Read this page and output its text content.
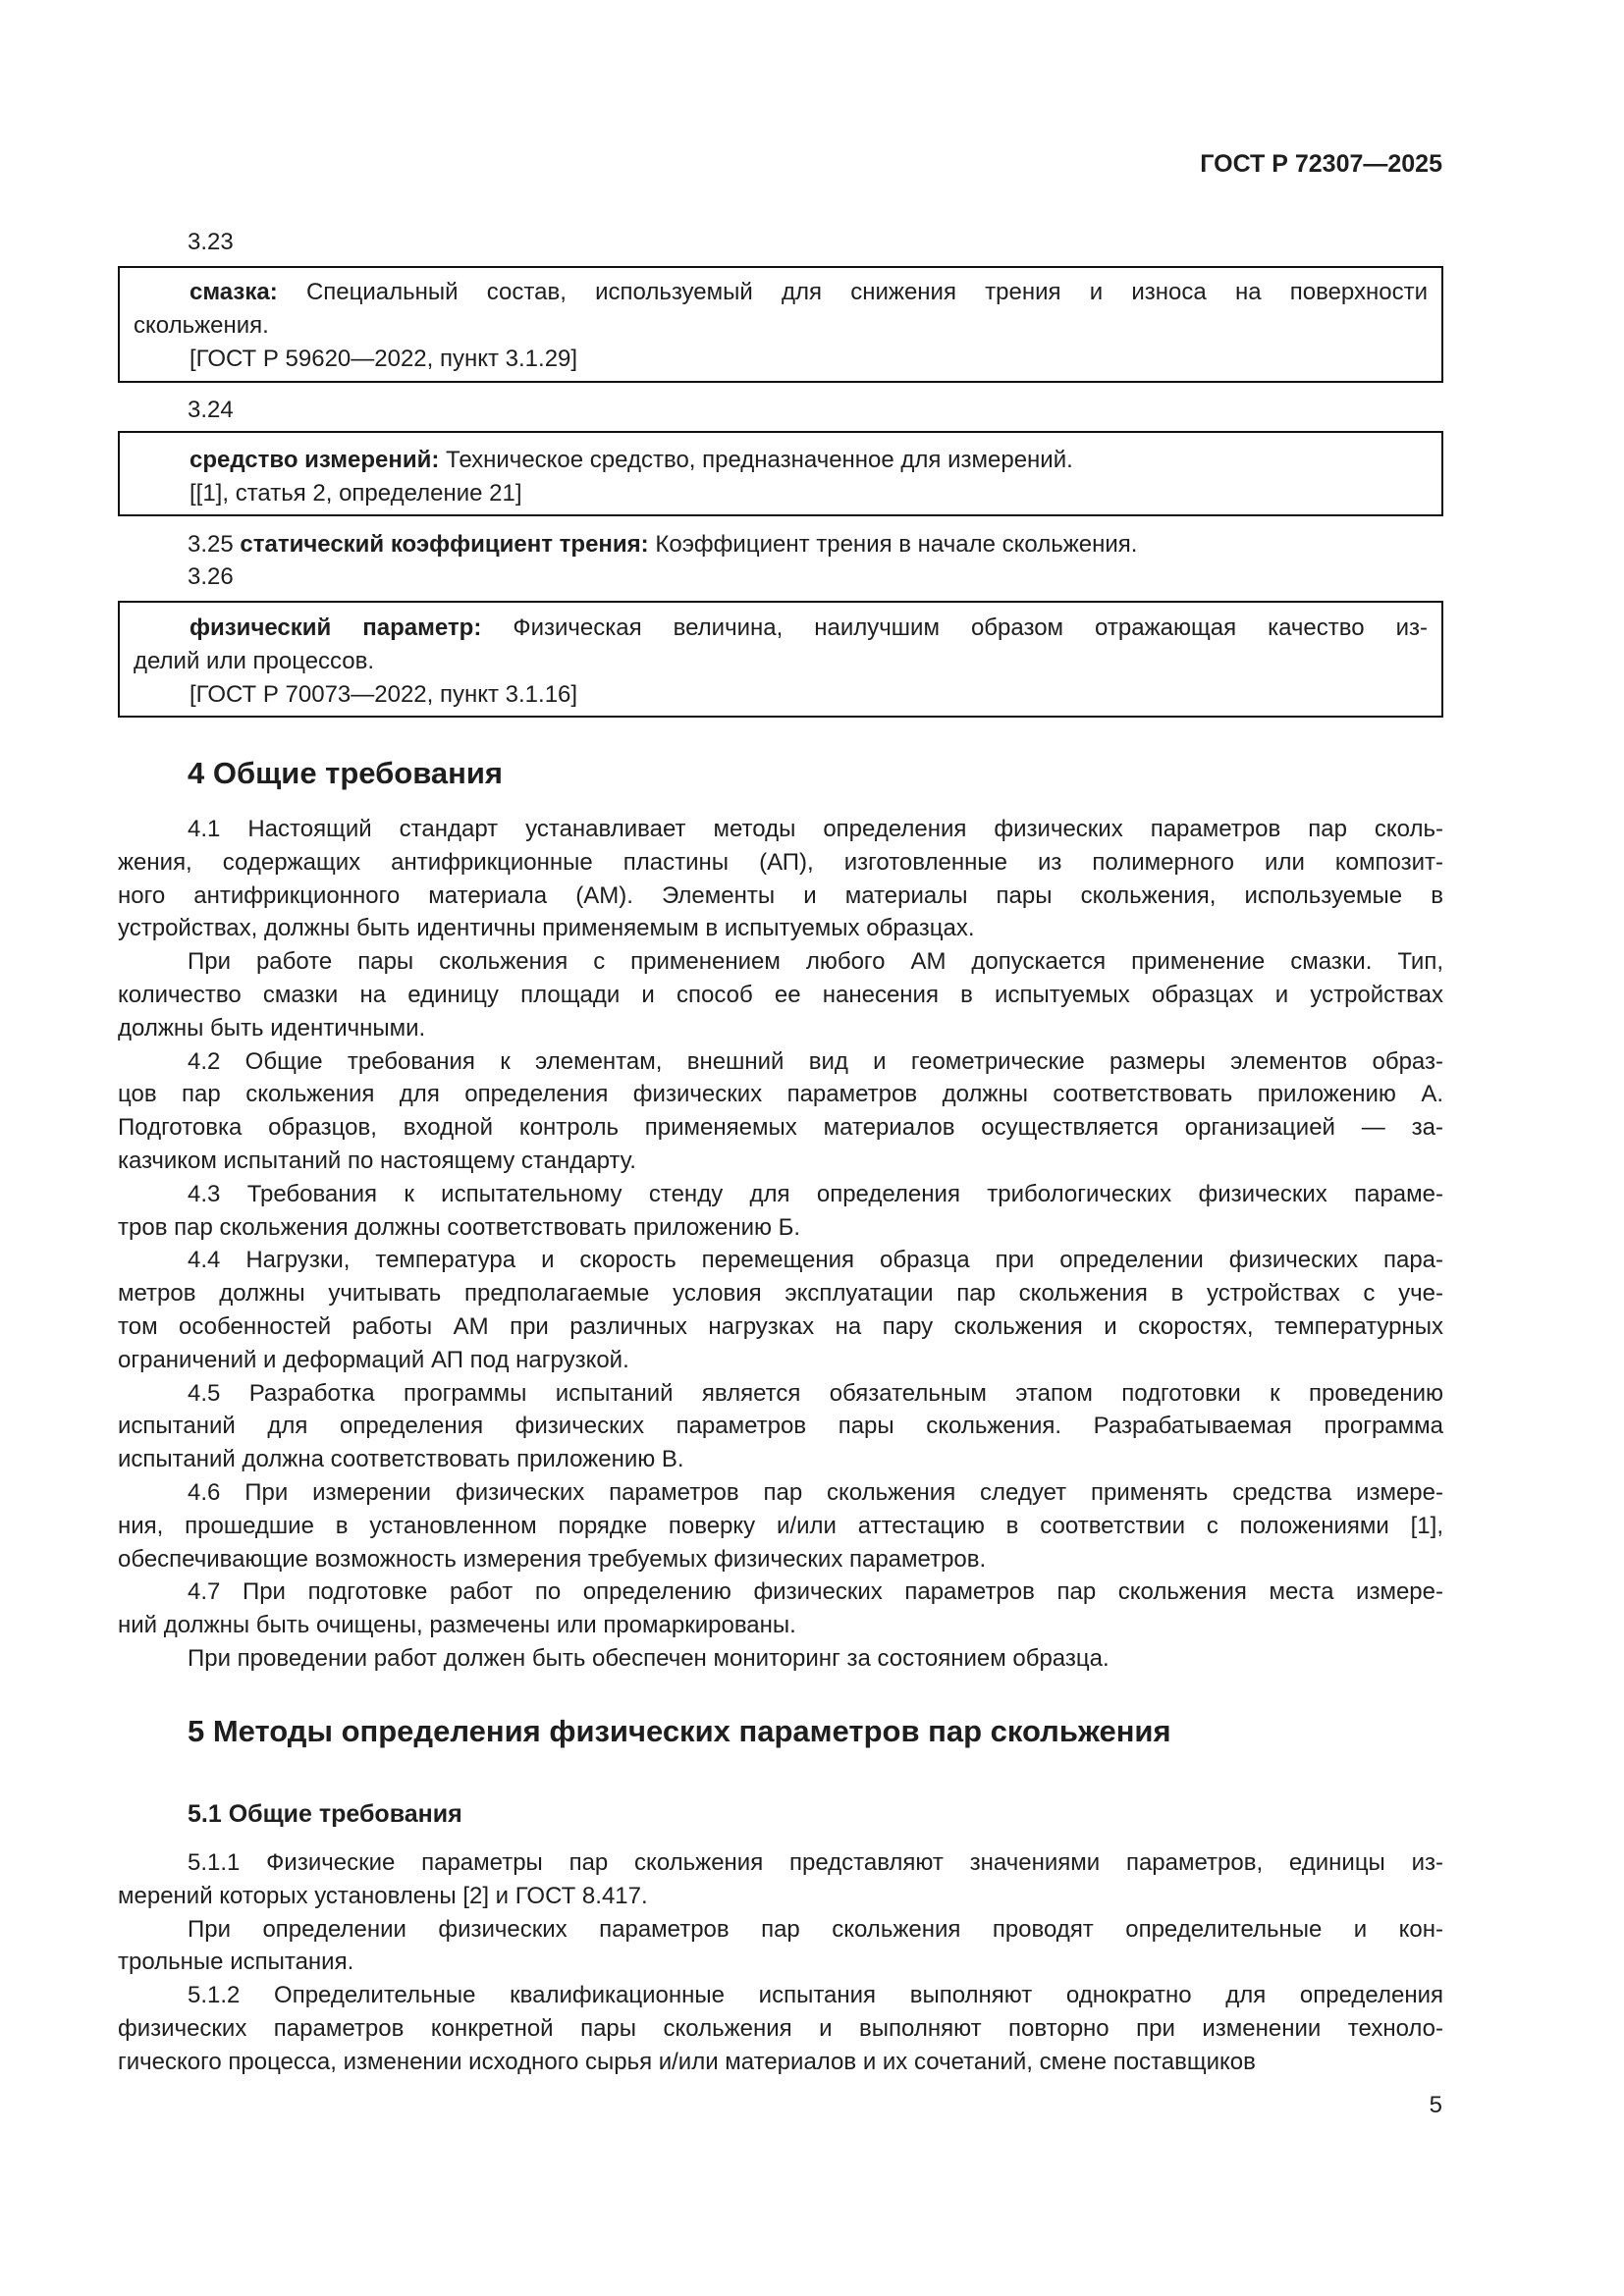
ГОСТ Р 72307—2025
3.23
смазка: Специальный состав, используемый для снижения трения и износа на поверхности
скольжения.
[ГОСТ Р 59620—2022, пункт 3.1.29]
3.24
средство измерений: Техническое средство, предназначенное для измерений.
[[1], статья 2, определение 21]
3.25 статический коэффициент трения: Коэффициент трения в начале скольжения.
3.26
физический параметр: Физическая величина, наилучшим образом отражающая качество из-
делий или процессов.
[ГОСТ Р 70073—2022, пункт 3.1.16]
4 Общие требования
4.1 Настоящий стандарт устанавливает методы определения физических параметров пар сколь-
жения, содержащих антифрикционные пластины (АП), изготовленные из полимерного или композит-
ного антифрикционного материала (АМ). Элементы и материалы пары скольжения, используемые в
устройствах, должны быть идентичны применяемым в испытуемых образцах.
При работе пары скольжения с применением любого АМ допускается применение смазки. Тип,
количество смазки на единицу площади и способ ее нанесения в испытуемых образцах и устройствах
должны быть идентичными.
4.2 Общие требования к элементам, внешний вид и геометрические размеры элементов образ-
цов пар скольжения для определения физических параметров должны соответствовать приложению А.
Подготовка образцов, входной контроль применяемых материалов осуществляется организацией — за-
казчиком испытаний по настоящему стандарту.
4.3 Требования к испытательному стенду для определения трибологических физических параме-
тров пар скольжения должны соответствовать приложению Б.
4.4 Нагрузки, температура и скорость перемещения образца при определении физических пара-
метров должны учитывать предполагаемые условия эксплуатации пар скольжения в устройствах с уче-
том особенностей работы АМ при различных нагрузках на пару скольжения и скоростях, температурных
ограничений и деформаций АП под нагрузкой.
4.5 Разработка программы испытаний является обязательным этапом подготовки к проведению
испытаний для определения физических параметров пары скольжения. Разрабатываемая программа
испытаний должна соответствовать приложению В.
4.6 При измерении физических параметров пар скольжения следует применять средства измере-
ния, прошедшие в установленном порядке поверку и/или аттестацию в соответствии с положениями [1],
обеспечивающие возможность измерения требуемых физических параметров.
4.7 При подготовке работ по определению физических параметров пар скольжения места измере-
ний должны быть очищены, размечены или промаркированы.
При проведении работ должен быть обеспечен мониторинг за состоянием образца.
5 Методы определения физических параметров пар скольжения
5.1 Общие требования
5.1.1 Физические параметры пар скольжения представляют значениями параметров, единицы из-
мерений которых установлены [2] и ГОСТ 8.417.
При определении физических параметров пар скольжения проводят определительные и кон-
трольные испытания.
5.1.2 Определительные квалификационные испытания выполняют однократно для определения
физических параметров конкретной пары скольжения и выполняют повторно при изменении техноло-
гического процесса, изменении исходного сырья и/или материалов и их сочетаний, смене поставщиков
5
